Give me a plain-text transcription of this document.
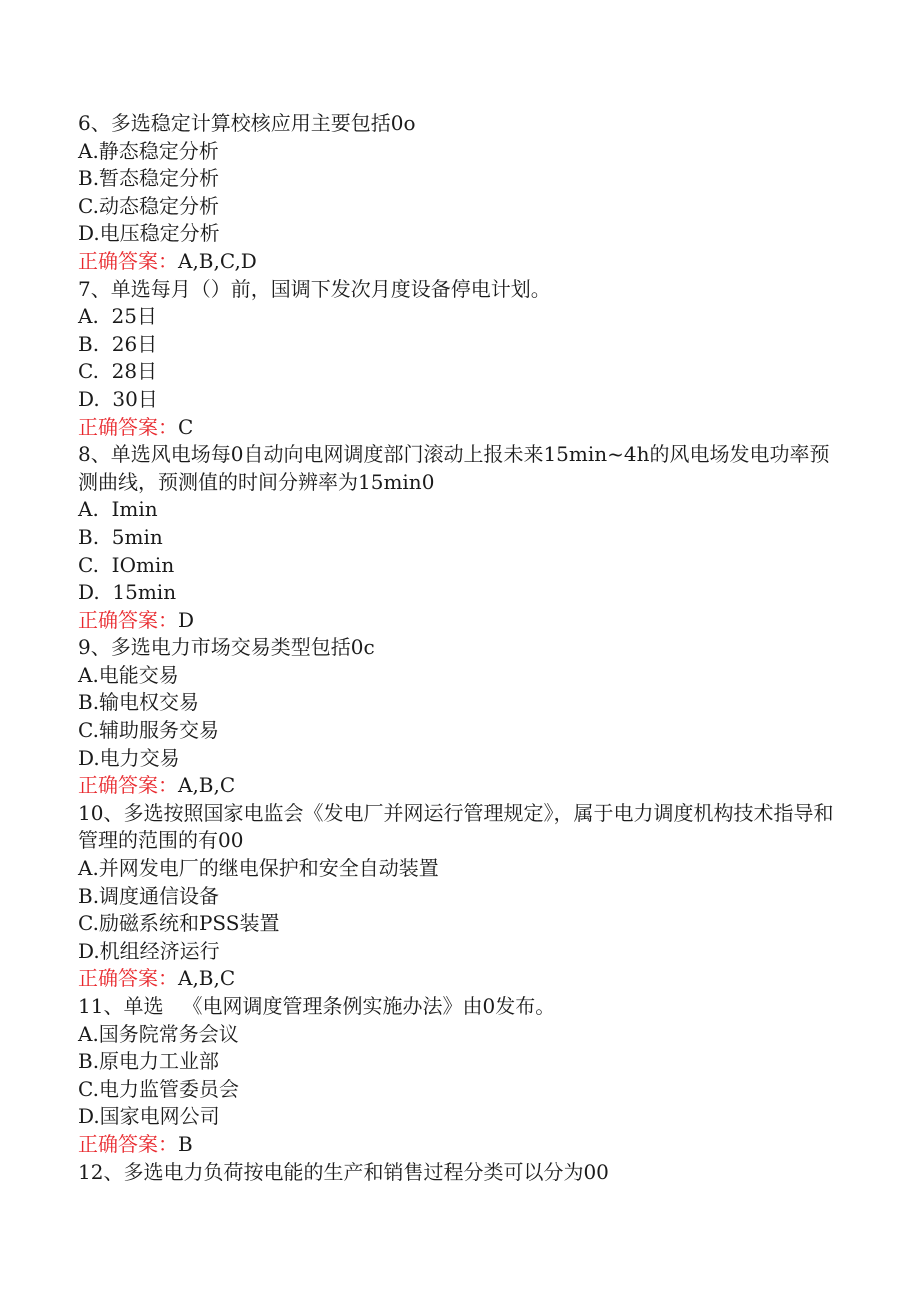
6、多选稳定计算校核应用主要包括0o
A.静态稳定分析
B.暂态稳定分析
C.动态稳定分析
D.电压稳定分析
正确答案：A,B,C,D
7、单选每月（）前，国调下发次月度设备停电计划。
A.  25日
B.  26日
C.  28日
D.  30日
正确答案：C
8、单选风电场每0自动向电网调度部门滚动上报未来15min~4h的风电场发电功率预测曲线，预测值的时间分辨率为15min0
A.  Imin
B.  5min
C.  IOmin
D.  15min
正确答案：D
9、多选电力市场交易类型包括0c
A.电能交易
B.输电权交易
C.辅助服务交易
D.电力交易
正确答案：A,B,C
10、多选按照国家电监会《发电厂并网运行管理规定》，属于电力调度机构技术指导和管理的范围的有00
A.并网发电厂的继电保护和安全自动装置
B.调度通信设备
C.励磁系统和PSS装置
D.机组经济运行
正确答案：A,B,C
11、单选   《电网调度管理条例实施办法》由0发布。
A.国务院常务会议
B.原电力工业部
C.电力监管委员会
D.国家电网公司
正确答案：B
12、多选电力负荷按电能的生产和销售过程分类可以分为00
